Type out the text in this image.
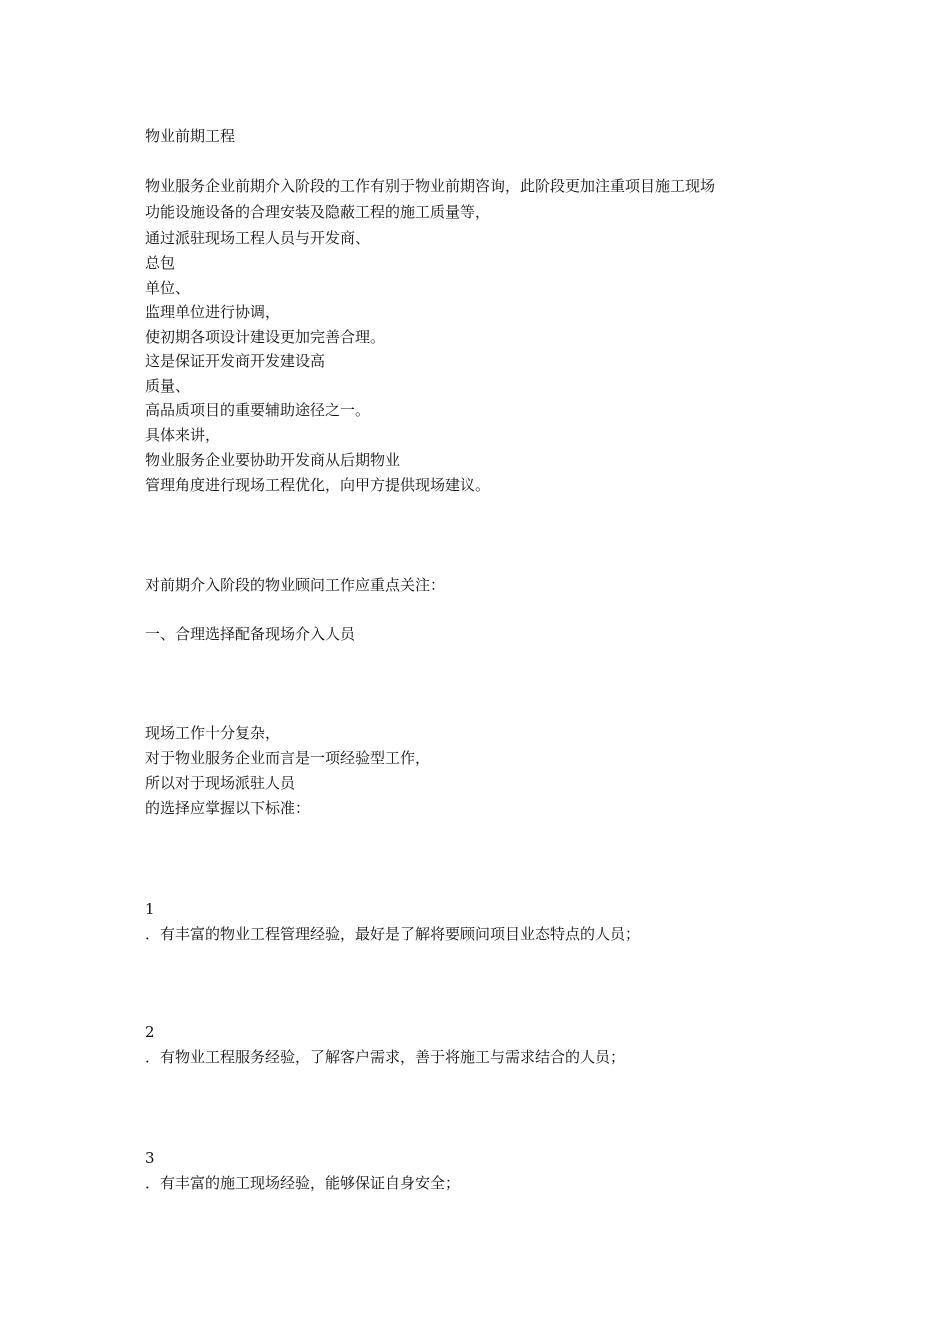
物业前期工程
物业服务企业前期介入阶段的工作有别于物业前期咨询，此阶段更加注重项目施工现场
功能设施设备的合理安装及隐蔽工程的施工质量等，
通过派驻现场工程人员与开发商、
总包
单位、
监理单位进行协调，
使初期各项设计建设更加完善合理。
这是保证开发商开发建设高
质量、
高品质项目的重要辅助途径之一。
具体来讲，
物业服务企业要协助开发商从后期物业
管理角度进行现场工程优化，向甲方提供现场建议。
对前期介入阶段的物业顾问工作应重点关注：
一、合理选择配备现场介入人员
现场工作十分复杂，
对于物业服务企业而言是一项经验型工作，
所以对于现场派驻人员
的选择应掌握以下标准：
1
．有丰富的物业工程管理经验，最好是了解将要顾问项目业态特点的人员；
2
．有物业工程服务经验，了解客户需求，善于将施工与需求结合的人员；
3
．有丰富的施工现场经验，能够保证自身安全；
